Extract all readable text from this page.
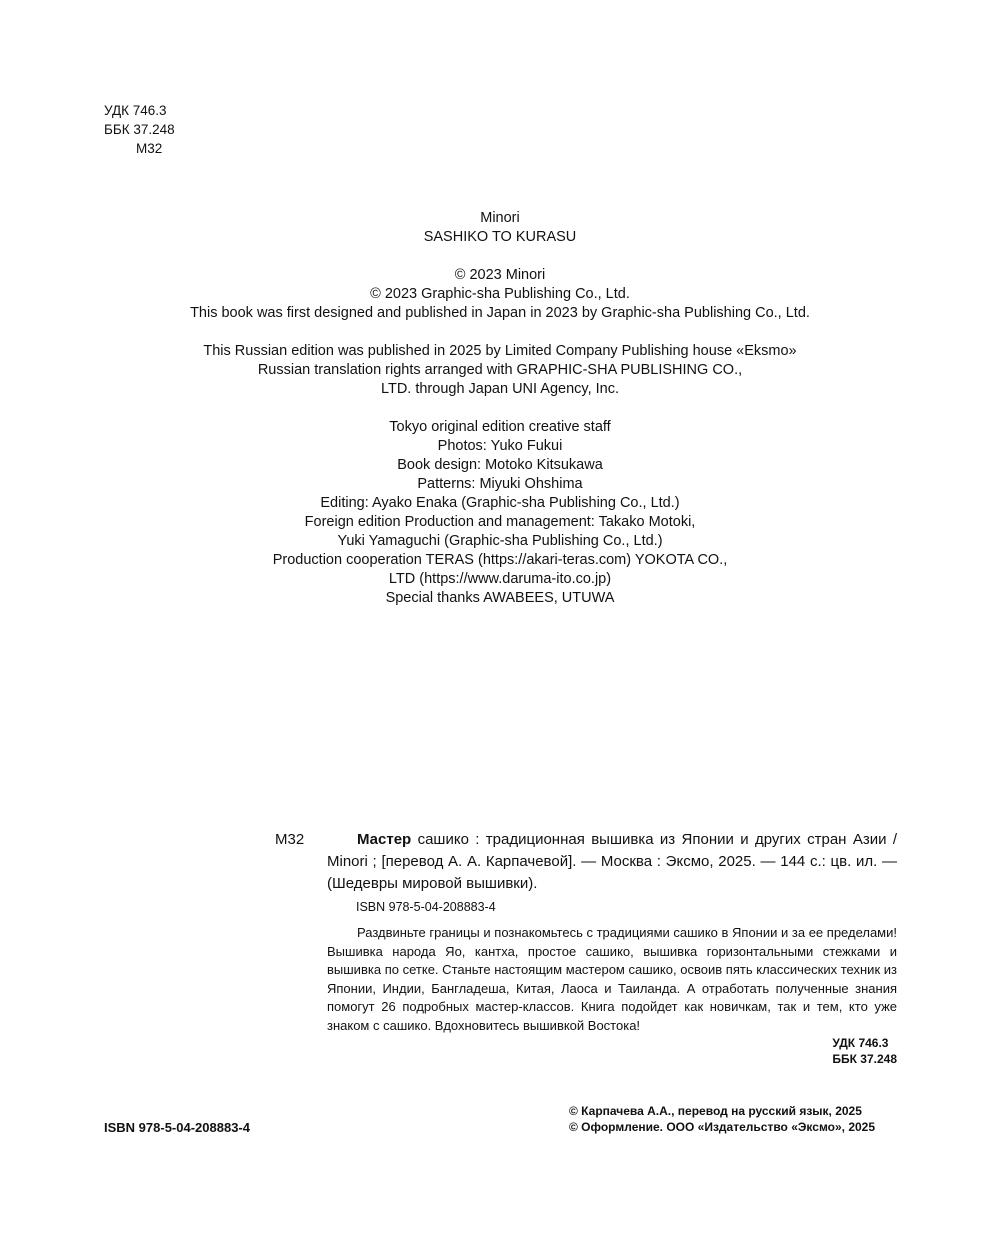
УДК 746.3
ББК 37.248
М32
Minori
SASHIKO TO KURASU
© 2023 Minori
© 2023 Graphic-sha Publishing Co., Ltd.
This book was first designed and published in Japan in 2023 by Graphic-sha Publishing Co., Ltd.
This Russian edition was published in 2025 by Limited Company Publishing house «Eksmo»
Russian translation rights arranged with GRAPHIC-SHA PUBLISHING CO.,
LTD. through Japan UNI Agency, Inc.
Tokyo original edition creative staff
Photos: Yuko Fukui
Book design: Motoko Kitsukawa
Patterns: Miyuki Ohshima
Editing: Ayako Enaka (Graphic-sha Publishing Co., Ltd.)
Foreign edition Production and management: Takako Motoki,
Yuki Yamaguchi (Graphic-sha Publishing Co., Ltd.)
Production cooperation TERAS (https://akari-teras.com) YOKOTA CO.,
LTD (https://www.daruma-ito.co.jp)
Special thanks AWABEES, UTUWA
М32	Мастер сашико : традиционная вышивка из Японии и других стран Азии / Minori ; [перевод А. А. Карпачевой]. — Москва : Эксмо, 2025. — 144 с.: цв. ил. — (Шедевры мировой вышивки).
ISBN 978-5-04-208883-4
Раздвиньте границы и познакомьтесь с традициями сашико в Японии и за ее пределами! Вышивка народа Яо, кантха, простое сашико, вышивка горизонтальными стежками и вышивка по сетке. Станьте настоящим мастером сашико, освоив пять классических техник из Японии, Индии, Бангладеша, Китая, Лаоса и Таиланда. А отработать полученные знания помогут 26 подробных мастер-классов. Книга подойдет как новичкам, так и тем, кто уже знаком с сашико. Вдохновитесь вышивкой Востока!
УДК 746.3
ББК 37.248
ISBN 978-5-04-208883-4
© Карпачева А.А., перевод на русский язык, 2025
© Оформление. ООО «Издательство «Эксмо», 2025
